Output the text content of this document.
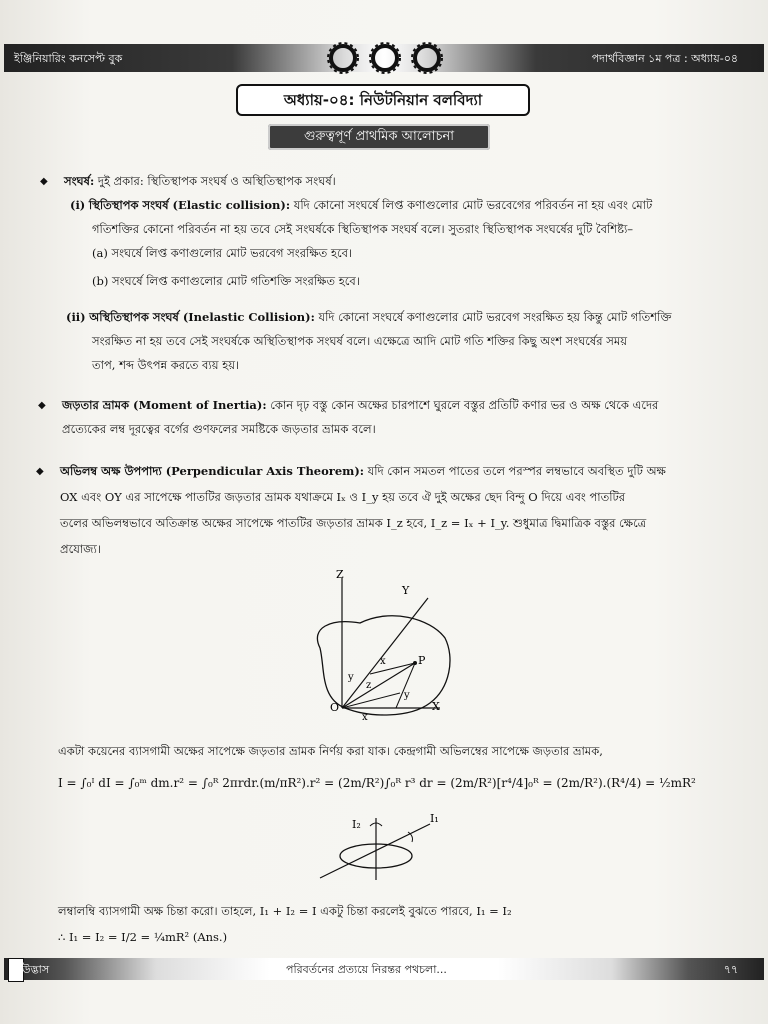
ইঞ্জিনিয়ারিং কনসেপ্ট বুক	পদার্থবিজ্ঞান ১ম পত্র : অধ্যায়-০৪
অধ্যায়-০৪: নিউটনিয়ান বলবিদ্যা
গুরুত্বপূর্ণ প্রাথমিক আলোচনা
◆ সংঘর্ষ: দুই প্রকার: স্থিতিস্থাপক সংঘর্ষ ও অস্থিতিস্থাপক সংঘর্ষ।
(i) স্থিতিস্থাপক সংঘর্ষ (Elastic collision): যদি কোনো সংঘর্ষে লিপ্ত কণাগুলোর মোট ভরবেগের পরিবর্তন না হয় এবং মোট
গতিশক্তির কোনো পরিবর্তন না হয় তবে সেই সংঘর্ষকে স্থিতিস্থাপক সংঘর্ষ বলে। সুতরাং স্থিতিস্থাপক সংঘর্ষের দুটি বৈশিষ্ট্য–
(a) সংঘর্ষে লিপ্ত কণাগুলোর মোট ভরবেগ সংরক্ষিত হবে।
(b) সংঘর্ষে লিপ্ত কণাগুলোর মোট গতিশক্তি সংরক্ষিত হবে।
(ii) অস্থিতিস্থাপক সংঘর্ষ (Inelastic Collision): যদি কোনো সংঘর্ষে কণাগুলোর মোট ভরবেগ সংরক্ষিত হয় কিন্তু মোট গতিশক্তি
সংরক্ষিত না হয় তবে সেই সংঘর্ষকে অস্থিতিস্থাপক সংঘর্ষ বলে। এক্ষেত্রে আদি মোট গতি শক্তির কিছু অংশ সংঘর্ষের সময়
তাপ, শব্দ উৎপন্ন করতে ব্যয় হয়।
◆ জড়তার ভ্রামক (Moment of Inertia): কোন দৃঢ় বস্তু কোন অক্ষের চারপাশে ঘুরলে বস্তুর প্রতিটি কণার ভর ও অক্ষ থেকে এদের
প্রত্যেকের লম্ব দূরত্বের বর্গের গুণফলের সমষ্টিকে জড়তার ভ্রামক বলে।
◆ অভিলম্ব অক্ষ উপপাদ্য (Perpendicular Axis Theorem): যদি কোন সমতল পাতের তলে পরস্পর লম্বভাবে অবস্থিত দুটি অক্ষ
OX এবং OY এর সাপেক্ষে পাতটির জড়তার ভ্রামক যথাক্রমে Iₓ ও I_y হয় তবে ঐ দুই অক্ষের ছেদ বিন্দু O দিয়ে এবং পাতটির
তলের অভিলম্বভাবে অতিক্রান্ত অক্ষের সাপেক্ষে পাতটির জড়তার ভ্রামক I_z হবে, I_z = Iₓ + I_y. শুধুমাত্র দ্বিমাত্রিক বস্তুর ক্ষেত্রে
প্রযোজ্য।
Z
Y
X
O
P
x
x
y
y
z
একটা কয়েনের ব্যাসগামী অক্ষের সাপেক্ষে জড়তার ভ্রামক নির্ণয় করা যাক। কেন্দ্রগামী অভিলম্বের সাপেক্ষে জড়তার ভ্রামক,
I = ∫₀ᴵ dI = ∫₀ᵐ dm.r² = ∫₀ᴿ 2πrdr.(m/πR²).r² = (2m/R²)∫₀ᴿ r³ dr = (2m/R²)[r⁴/4]₀ᴿ = (2m/R²).(R⁴/4) = ½mR²
I₂	I₁
লম্বালম্বি ব্যাসগামী অক্ষ চিন্তা করো। তাহলে, I₁ + I₂ = I একটু চিন্তা করলেই বুঝতে পারবে, I₁ = I₂
∴ I₁ = I₂ = I/2 = ¼mR² (Ans.)
উদ্ভাস	পরিবর্তনের প্রত্যয়ে নিরন্তর পথচলা...	৭৭
